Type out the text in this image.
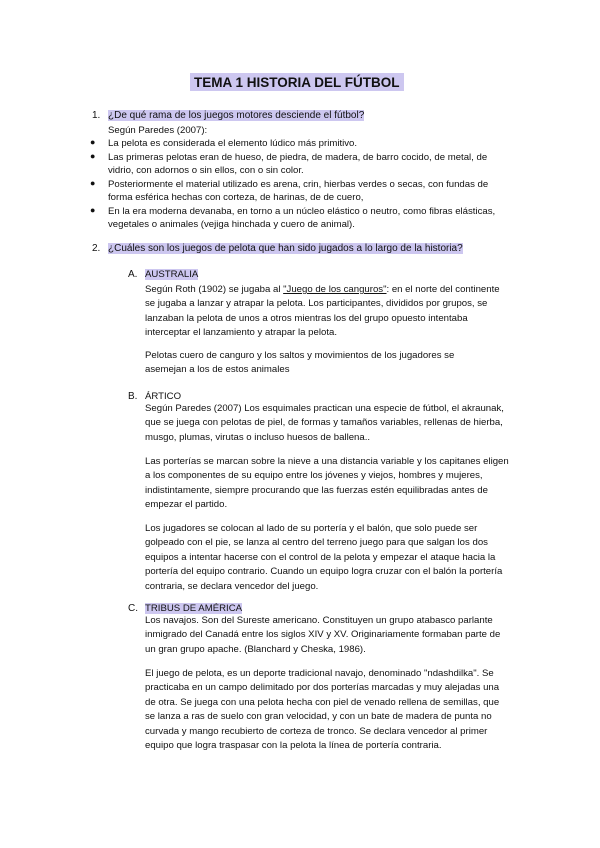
TEMA 1 HISTORIA DEL FÚTBOL
1. ¿De qué rama de los juegos motores desciende el fútbol?
Según Paredes (2007):
● La pelota es considerada el elemento lúdico más primitivo.
● Las primeras pelotas eran de hueso, de piedra, de madera, de barro cocido, de metal, de
vidrio, con adornos o sin ellos, con o sin color.
● Posteriormente el material utilizado es arena, crin, hierbas verdes o secas, con fundas de
forma esférica hechas con corteza, de harinas, de de cuero,
● En la era moderna devanaba, en torno a un núcleo elástico o neutro, como fibras elásticas,
vegetales o animales (vejiga hinchada y cuero de animal).
2. ¿Cuáles son los juegos de pelota que han sido jugados a lo largo de la historia?
A. AUSTRALIA
Según Roth (1902) se jugaba al "Juego de los canguros": en el norte del continente
se jugaba a lanzar y atrapar la pelota. Los participantes, divididos por grupos, se
lanzaban la pelota de unos a otros mientras los del grupo opuesto intentaba
interceptar el lanzamiento y atrapar la pelota.
Pelotas cuero de canguro y los saltos y movimientos de los jugadores se
asemejan a los de estos animales
B. ÁRTICO
Según Paredes (2007) Los esquimales practican una especie de fútbol, el akraunak,
que se juega con pelotas de piel, de formas y tamaños variables, rellenas de hierba,
musgo, plumas, virutas o incluso huesos de ballena..
Las porterías se marcan sobre la nieve a una distancia variable y los capitanes eligen
a los componentes de su equipo entre los jóvenes y viejos, hombres y mujeres,
indistintamente, siempre procurando que las fuerzas estén equilibradas antes de
empezar el partido.
Los jugadores se colocan al lado de su portería y el balón, que solo puede ser
golpeado con el pie, se lanza al centro del terreno juego para que salgan los dos
equipos a intentar hacerse con el control de la pelota y empezar el ataque hacia la
portería del equipo contrario. Cuando un equipo logra cruzar con el balón la portería
contraria, se declara vencedor del juego.
C. TRIBUS DE AMÉRICA
Los navajos. Son del Sureste americano. Constituyen un grupo atabasco parlante
inmigrado del Canadá entre los siglos XIV y XV. Originariamente formaban parte de
un gran grupo apache. (Blanchard y Cheska, 1986).
El juego de pelota, es un deporte tradicional navajo, denominado "ndashdilka". Se
practicaba en un campo delimitado por dos porterías marcadas y muy alejadas una
de otra. Se juega con una pelota hecha con piel de venado rellena de semillas, que
se lanza a ras de suelo con gran velocidad, y con un bate de madera de punta no
curvada y mango recubierto de corteza de tronco. Se declara vencedor al primer
equipo que logra traspasar con la pelota la línea de portería contraria.
